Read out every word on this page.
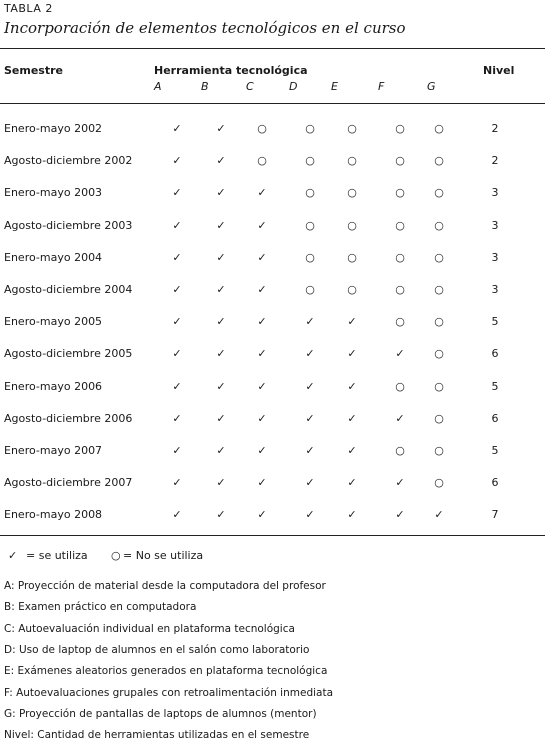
TABLA 2
Incorporación de elementos tecnológicos en el curso
Semestre	Herramienta tecnológica	Nivel
A	B	C	D	E	F	G
Enero-mayo 2002	✓	✓	○	○	○	○	○	2
Agosto-diciembre 2002	✓	✓	○	○	○	○	○	2
Enero-mayo 2003	✓	✓	✓	○	○	○	○	3
Agosto-diciembre 2003	✓	✓	✓	○	○	○	○	3
Enero-mayo 2004	✓	✓	✓	○	○	○	○	3
Agosto-diciembre 2004	✓	✓	✓	○	○	○	○	3
Enero-mayo 2005	✓	✓	✓	✓	✓	○	○	5
Agosto-diciembre 2005	✓	✓	✓	✓	✓	✓	○	6
Enero-mayo 2006	✓	✓	✓	✓	✓	○	○	5
Agosto-diciembre 2006	✓	✓	✓	✓	✓	✓	○	6
Enero-mayo 2007	✓	✓	✓	✓	✓	○	○	5
Agosto-diciembre 2007	✓	✓	✓	✓	✓	✓	○	6
Enero-mayo 2008	✓	✓	✓	✓	✓	✓	✓	7
✓ = se utiliza ○ = No se utiliza
A: Proyección de material desde la computadora del profesor
B: Examen práctico en computadora
C: Autoevaluación individual en plataforma tecnológica
D: Uso de laptop de alumnos en el salón como laboratorio
E: Exámenes aleatorios generados en plataforma tecnológica
F: Autoevaluaciones grupales con retroalimentación inmediata
G: Proyección de pantallas de laptops de alumnos (mentor)
Nivel: Cantidad de herramientas utilizadas en el semestre
